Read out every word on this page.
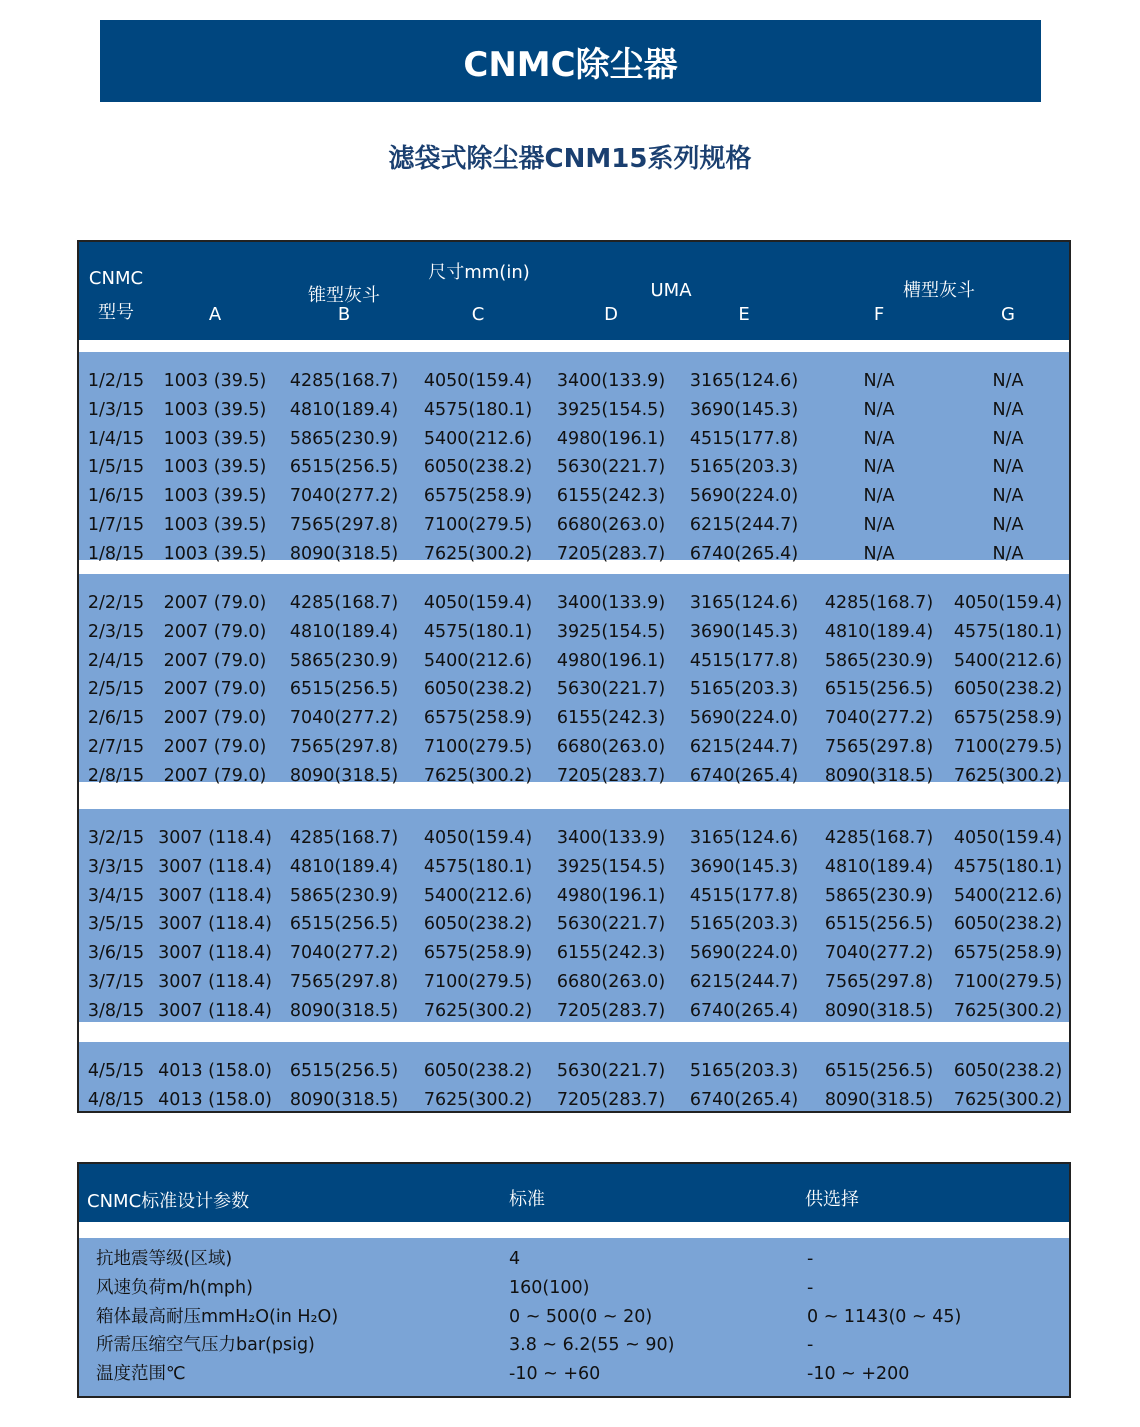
CNMC除尘器
滤袋式除尘器CNM15系列规格
CNMC
型号
尺寸mm(in)
锥型灰斗	UMA	槽型灰斗
A	B	C	D	E	F	G
1/2/15 1003 (39.5) 4285(168.7) 4050(159.4) 3400(133.9) 3165(124.6)	N/A	N/A
1/3/15 1003 (39.5) 4810(189.4) 4575(180.1) 3925(154.5) 3690(145.3)	N/A	N/A
1/4/15 1003 (39.5) 5865(230.9) 5400(212.6) 4980(196.1) 4515(177.8)	N/A	N/A
1/5/15 1003 (39.5) 6515(256.5) 6050(238.2) 5630(221.7) 5165(203.3)	N/A	N/A
1/6/15 1003 (39.5) 7040(277.2) 6575(258.9) 6155(242.3) 5690(224.0)	N/A	N/A
1/7/15 1003 (39.5) 7565(297.8) 7100(279.5) 6680(263.0) 6215(244.7)	N/A	N/A
1/8/15 1003 (39.5) 8090(318.5) 7625(300.2) 7205(283.7) 6740(265.4)	N/A	N/A
2/2/15 2007 (79.0) 4285(168.7) 4050(159.4) 3400(133.9) 3165(124.6) 4285(168.7) 4050(159.4)
2/3/15 2007 (79.0) 4810(189.4) 4575(180.1) 3925(154.5) 3690(145.3) 4810(189.4) 4575(180.1)
2/4/15 2007 (79.0) 5865(230.9) 5400(212.6) 4980(196.1) 4515(177.8) 5865(230.9) 5400(212.6)
2/5/15 2007 (79.0) 6515(256.5) 6050(238.2) 5630(221.7) 5165(203.3) 6515(256.5) 6050(238.2)
2/6/15 2007 (79.0) 7040(277.2) 6575(258.9) 6155(242.3) 5690(224.0) 7040(277.2) 6575(258.9)
2/7/15 2007 (79.0) 7565(297.8) 7100(279.5) 6680(263.0) 6215(244.7) 7565(297.8) 7100(279.5)
2/8/15 2007 (79.0) 8090(318.5) 7625(300.2) 7205(283.7) 6740(265.4) 8090(318.5) 7625(300.2)
3/2/15 3007 (118.4) 4285(168.7) 4050(159.4) 3400(133.9) 3165(124.6) 4285(168.7) 4050(159.4)
3/3/15 3007 (118.4) 4810(189.4) 4575(180.1) 3925(154.5) 3690(145.3) 4810(189.4) 4575(180.1)
3/4/15 3007 (118.4) 5865(230.9) 5400(212.6) 4980(196.1) 4515(177.8) 5865(230.9) 5400(212.6)
3/5/15 3007 (118.4) 6515(256.5) 6050(238.2) 5630(221.7) 5165(203.3) 6515(256.5) 6050(238.2)
3/6/15 3007 (118.4) 7040(277.2) 6575(258.9) 6155(242.3) 5690(224.0) 7040(277.2) 6575(258.9)
3/7/15 3007 (118.4) 7565(297.8) 7100(279.5) 6680(263.0) 6215(244.7) 7565(297.8) 7100(279.5)
3/8/15 3007 (118.4) 8090(318.5) 7625(300.2) 7205(283.7) 6740(265.4) 8090(318.5) 7625(300.2)
4/5/15 4013 (158.0) 6515(256.5) 6050(238.2) 5630(221.7) 5165(203.3) 6515(256.5) 6050(238.2)
4/8/15 4013 (158.0) 8090(318.5) 7625(300.2) 7205(283.7) 6740(265.4) 8090(318.5) 7625(300.2)
CNMC标准设计参数	标准	供选择
抗地震等级(区域)	4	-
风速负荷m/h(mph)	160(100)	-
箱体最高耐压mmH₂O(in H₂O)	0 ~ 500(0 ~ 20)	0 ~ 1143(0 ~ 45)
所需压缩空气压力bar(psig)	3.8 ~ 6.2(55 ~ 90)	-
温度范围℃	-10 ~ +60	-10 ~ +200
